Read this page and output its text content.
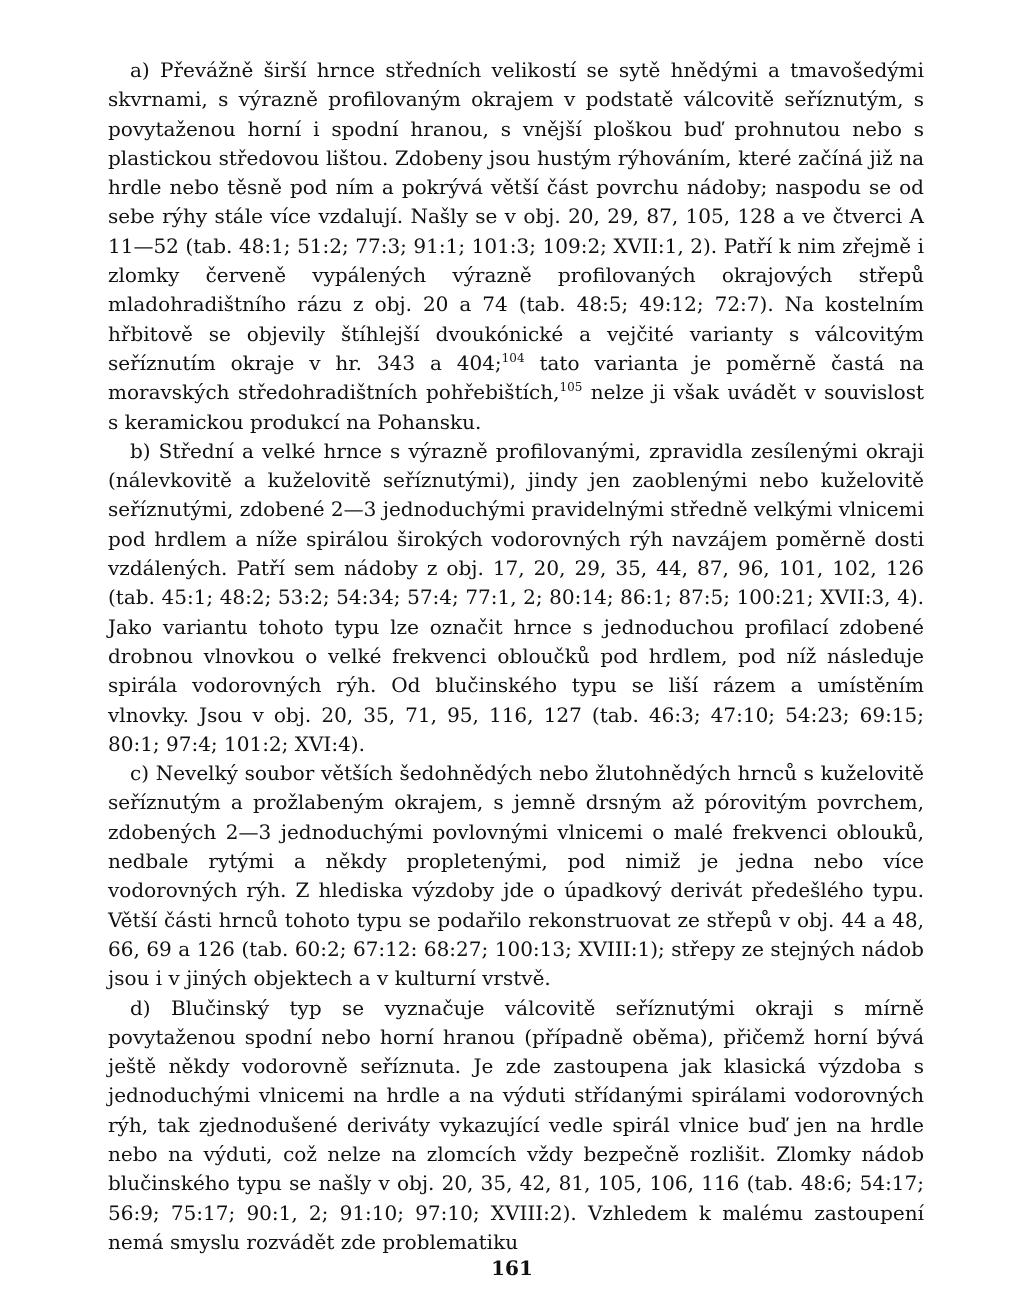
a) Převážně širší hrnce středních velikostí se sytě hnědými a tmavošedými skvrnami, s výrazně profilovaným okrajem v podstatě válcovitě seříznutým, s povytaženou horní i spodní hranou, s vnější ploškou buď prohnutou nebo s plastickou středovou lištou. Zdobeny jsou hustým rýhováním, které začíná již na hrdle nebo těsně pod ním a pokrývá větší část povrchu nádoby; naspodu se od sebe rýhy stále více vzdalují. Našly se v obj. 20, 29, 87, 105, 128 a ve čtverci A 11—52 (tab. 48:1; 51:2; 77:3; 91:1; 101:3; 109:2; XVII:1, 2). Patří k nim zřejmě i zlomky červeně vypálených výrazně profilovaných okrajových střepů mladohradištního rázu z obj. 20 a 74 (tab. 48:5; 49:12; 72:7). Na kostelním hřbitově se objevily štíhlejší dvoukónické a vejčité varianty s válcovitým seříznutím okraje v hr. 343 a 404;$^{104}$ tato varianta je poměrně častá na moravských středohradištních pohřebištích,$^{105}$ nelze ji však uvádět v souvislost s keramickou produkcí na Pohansku.

b) Střední a velké hrnce s výrazně profilovanými, zpravidla zesílenými okraji (nálevkovitě a kuželovitě seříznutými), jindy jen zaoblenými nebo kuželovitě seříznutými, zdobené 2—3 jednoduchými pravidelnými středně velkými vlnicemi pod hrdlem a níže spirálou širokých vodorovných rýh navzájem poměrně dosti vzdálených. Patří sem nádoby z obj. 17, 20, 29, 35, 44, 87, 96, 101, 102, 126 (tab. 45:1; 48:2; 53:2; 54:34; 57:4; 77:1, 2; 80:14; 86:1; 87:5; 100:21; XVII:3, 4). Jako variantu tohoto typu lze označit hrnce s jednoduchou profilací zdobené drobnou vlnovkou o velké frekvenci obloučků pod hrdlem, pod níž následuje spirála vodorovných rýh. Od blučinského typu se liší rázem a umístěním vlnovky. Jsou v obj. 20, 35, 71, 95, 116, 127 (tab. 46:3; 47:10; 54:23; 69:15; 80:1; 97:4; 101:2; XVI:4).

c) Nevelký soubor větších šedohnědých nebo žlutohnědých hrnců s kuželovitě seříznutým a prožlabeným okrajem, s jemně drsným až pórovitým povrchem, zdobených 2—3 jednoduchými povlovnými vlnicemi o malé frekvenci oblouků, nedbale rytými a někdy propletenými, pod nimiž je jedna nebo více vodorovných rýh. Z hlediska výzdoby jde o úpadkový derivát předešlého typu. Větší části hrnců tohoto typu se podařilo rekonstruovat ze střepů v obj. 44 a 48, 66, 69 a 126 (tab. 60:2; 67:12: 68:27; 100:13; XVIII:1); střepy ze stejných nádob jsou i v jiných objektech a v kulturní vrstvě.

d) Blučinský typ se vyznačuje válcovitě seříznutými okraji s mírně povytaženou spodní nebo horní hranou (případně oběma), přičemž horní bývá ještě někdy vodorovně seříznuta. Je zde zastoupena jak klasická výzdoba s jednoduchými vlnicemi na hrdle a na výduti střídanými spirálami vodorovných rýh, tak zjednodušené deriváty vykazující vedle spirál vlnice buď jen na hrdle nebo na výduti, což nelze na zlomcích vždy bezpečně rozlišit. Zlomky nádob blučinského typu se našly v obj. 20, 35, 42, 81, 105, 106, 116 (tab. 48:6; 54:17; 56:9; 75:17; 90:1, 2; 91:10; 97:10; XVIII:2). Vzhledem k malému zastoupení nemá smyslu rozvádět zde problematiku

161
